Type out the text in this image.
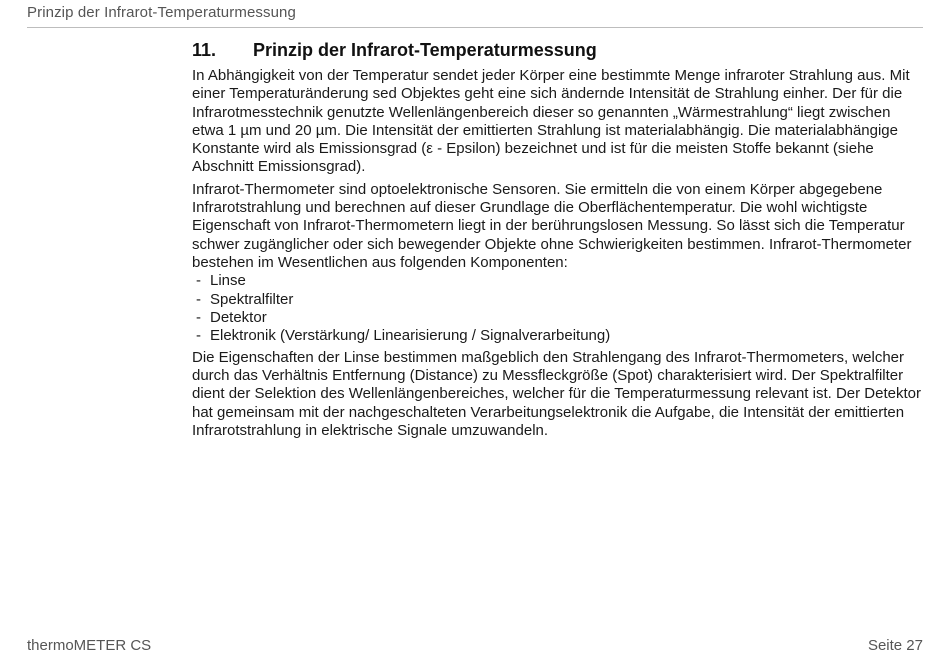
Prinzip der Infrarot-Temperaturmessung
11. Prinzip der Infrarot-Temperaturmessung

In Abhängigkeit von der Temperatur sendet jeder Körper eine bestimmte Menge infraroter Strahlung aus. Mit einer Temperaturänderung sed Objektes geht eine sich ändernde Intensität de Strahlung einher. Der für die Infrarotmesstechnik genutzte Wellenlängenbereich dieser so genannten „Wärmestrahlung“ liegt zwischen etwa 1 µm und 20 µm. Die Intensität der emittierten Strahlung ist materialabhängig. Die materialabhängige Konstante wird als Emissionsgrad (ε - Epsilon) bezeichnet und ist für die meisten Stoffe bekannt (siehe Abschnitt Emissionsgrad).

Infrarot-Thermometer sind optoelektronische Sensoren. Sie ermitteln die von einem Körper abgegebene Infrarotstrahlung und berechnen auf dieser Grundlage die Oberflächentemperatur. Die wohl wichtigste Eigenschaft von Infrarot-Thermometern liegt in der berührungslosen Messung. So lässt sich die Temperatur schwer zugänglicher oder sich bewegender Objekte ohne Schwierigkeiten bestimmen. Infrarot-Thermometer bestehen im Wesentlichen aus folgenden Komponenten:

- Linse
- Spektralfilter
- Detektor
- Elektronik (Verstärkung/ Linearisierung / Signalverarbeitung)

Die Eigenschaften der Linse bestimmen maßgeblich den Strahlengang des Infrarot-Thermometers, welcher durch das Verhältnis Entfernung (Distance) zu Messfleckgröße (Spot) charakterisiert wird. Der Spektralfilter dient der Selektion des Wellenlängenbereiches, welcher für die Temperaturmessung relevant ist. Der Detektor hat gemeinsam mit der nachgeschalteten Verarbeitungselektronik die Aufgabe, die Intensität der emittierten Infrarotstrahlung in elektrische Signale umzuwandeln.

thermoMETER CS	Seite 27
